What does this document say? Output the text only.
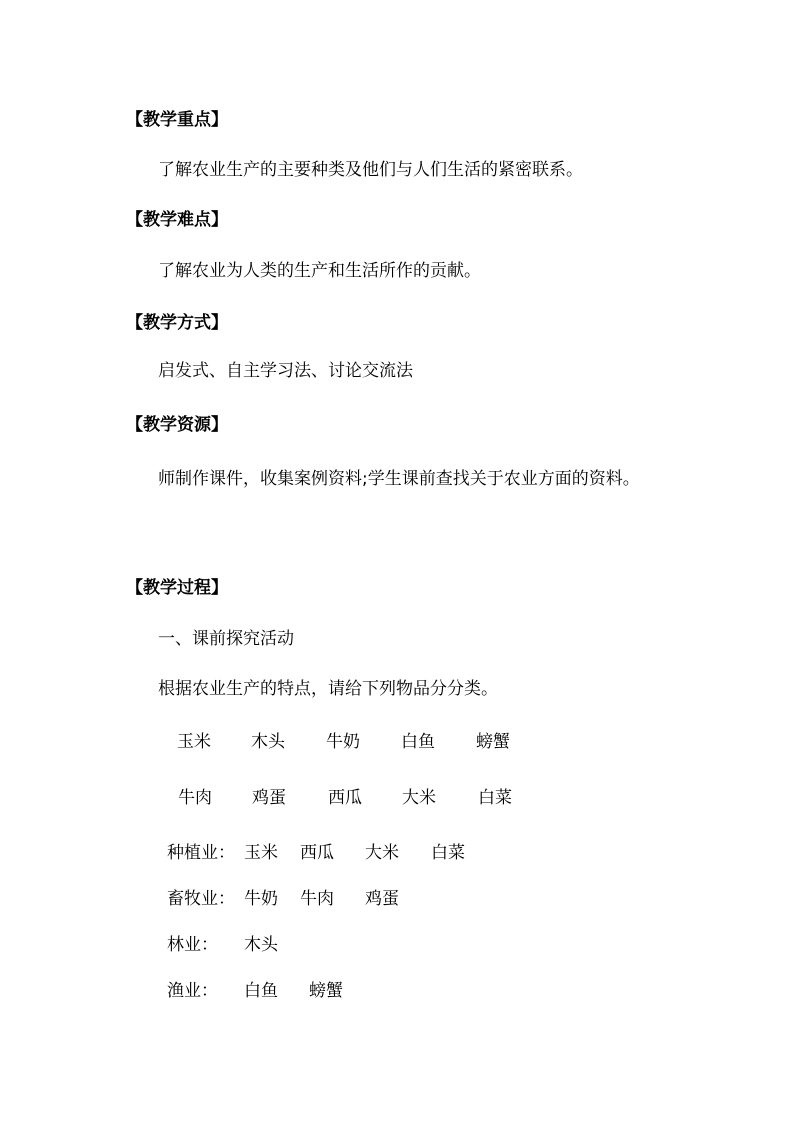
【教学重点】
了解农业生产的主要种类及他们与人们生活的紧密联系。
【教学难点】
了解农业为人类的生产和生活所作的贡献。
【教学方式】
启发式、自主学习法、讨论交流法
【教学资源】
师制作课件，收集案例资料;学生课前查找关于农业方面的资料。
【教学过程】
一、课前探究活动
根据农业生产的特点，请给下列物品分分类。
玉米 木头 牛奶 白鱼 螃蟹
牛肉 鸡蛋 西瓜 大米 白菜
种植业： 玉米 西瓜 大米 白菜
畜牧业： 牛奶 牛肉 鸡蛋
林业： 木头
渔业： 白鱼 螃蟹
